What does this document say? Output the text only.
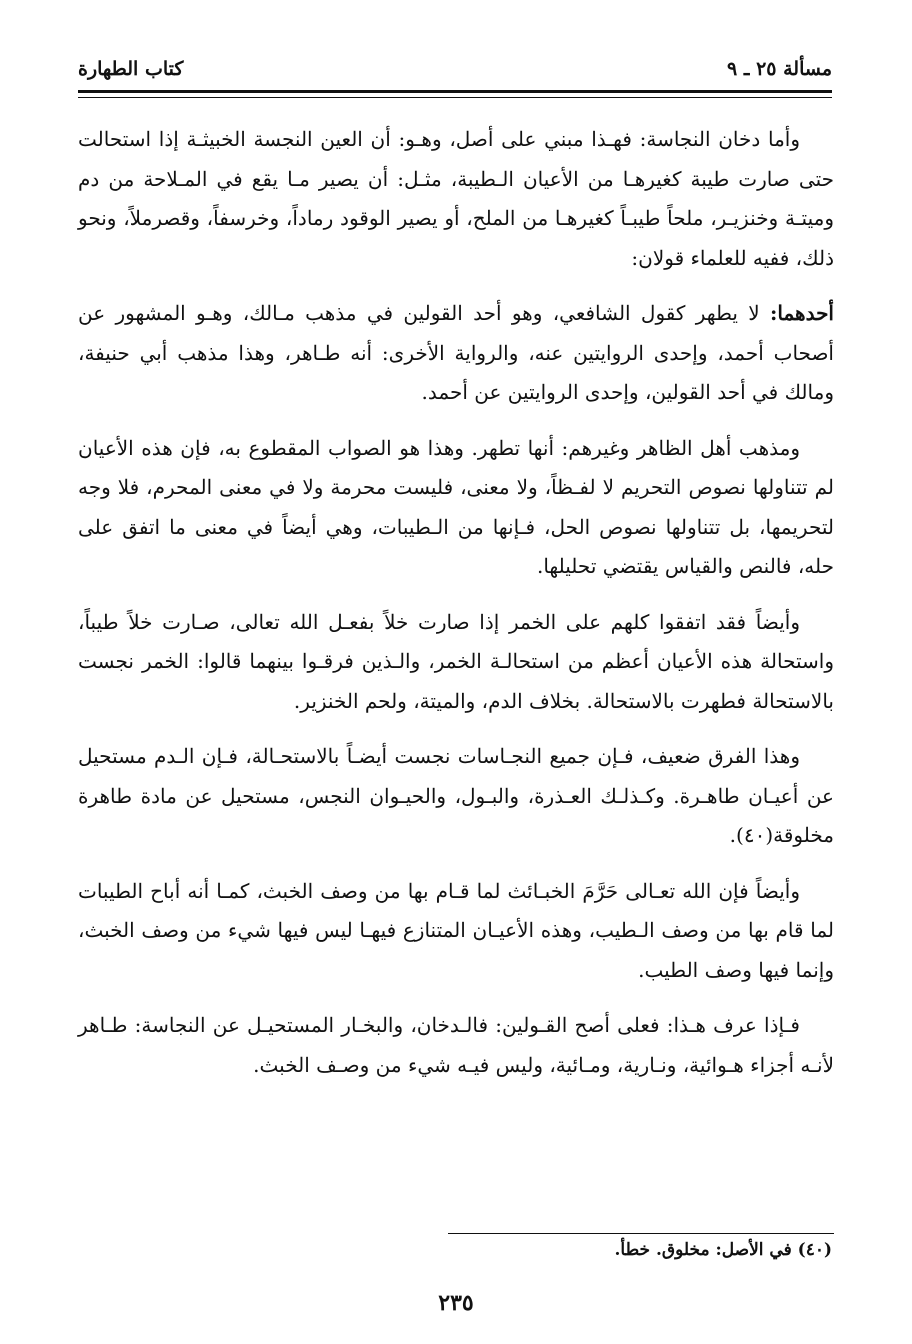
مسألة ٢٥ ـ ٩
كتاب الطهارة

وأما دخان النجاسة: فهـذا مبني على أصل، وهـو: أن العين النجسة الخبيثـة إذا استحالت حتى صارت طيبة كغيرهـا من الأعيان الـطيبة، مثـل: أن يصير مـا يقع في المـلاحة من دم وميتـة وخنزيـر، ملحاً طيبـاً كغيرهـا من الملح، أو يصير الوقود رماداً، وخرسفاً، وقصرملاً، ونحو ذلك، ففيه للعلماء قولان:

أحدهما: لا يطهر كقول الشافعي، وهو أحد القولين في مذهب مـالك، وهـو المشهور عن أصحاب أحمد، وإحدى الروايتين عنه، والرواية الأخرى: أنه طـاهر، وهذا مذهب أبي حنيفة، ومالك في أحد القولين، وإحدى الروايتين عن أحمد.

ومذهب أهل الظاهر وغيرهم: أنها تطهر. وهذا هو الصواب المقطوع به، فإن هذه الأعيان لم تتناولها نصوص التحريم لا لفـظاً، ولا معنى، فليست محرمة ولا في معنى المحرم، فلا وجه لتحريمها، بل تتناولها نصوص الحل، فـإنها من الـطيبات، وهي أيضاً في معنى ما اتفق على حله، فالنص والقياس يقتضي تحليلها.

وأيضاً فقد اتفقوا كلهم على الخمر إذا صارت خلاً بفعـل الله تعالى، صـارت خلاً طيباً، واستحالة هذه الأعيان أعظم من استحالـة الخمر، والـذين فرقـوا بينهما قالوا: الخمر نجست بالاستحالة فطهرت بالاستحالة. بخلاف الدم، والميتة، ولحم الخنزير.

وهذا الفرق ضعيف، فـإن جميع النجـاسات نجست أيضـاً بالاستحـالة، فـإن الـدم مستحيل عن أعيـان طاهـرة. وكـذلـك العـذرة، والبـول، والحيـوان النجس، مستحيل عن مادة طاهرة مخلوقة(٤٠).

وأيضاً فإن الله تعـالى حَرَّمَ الخبـائث لما قـام بها من وصف الخبث، كمـا أنه أباح الطيبات لما قام بها من وصف الـطيب، وهذه الأعيـان المتنازع فيهـا ليس فيها شيء من وصف الخبث، وإنما فيها وصف الطيب.

فـإذا عرف هـذا: فعلى أصح القـولين: فالـدخان، والبخـار المستحيـل عن النجاسة: طـاهر لأنـه أجزاء هـوائية، ونـارية، ومـائية، وليس فيـه شيء من وصـف الخبث.

(٤٠) في الأصل: مخلوق. خطأ.
٢٣٥
